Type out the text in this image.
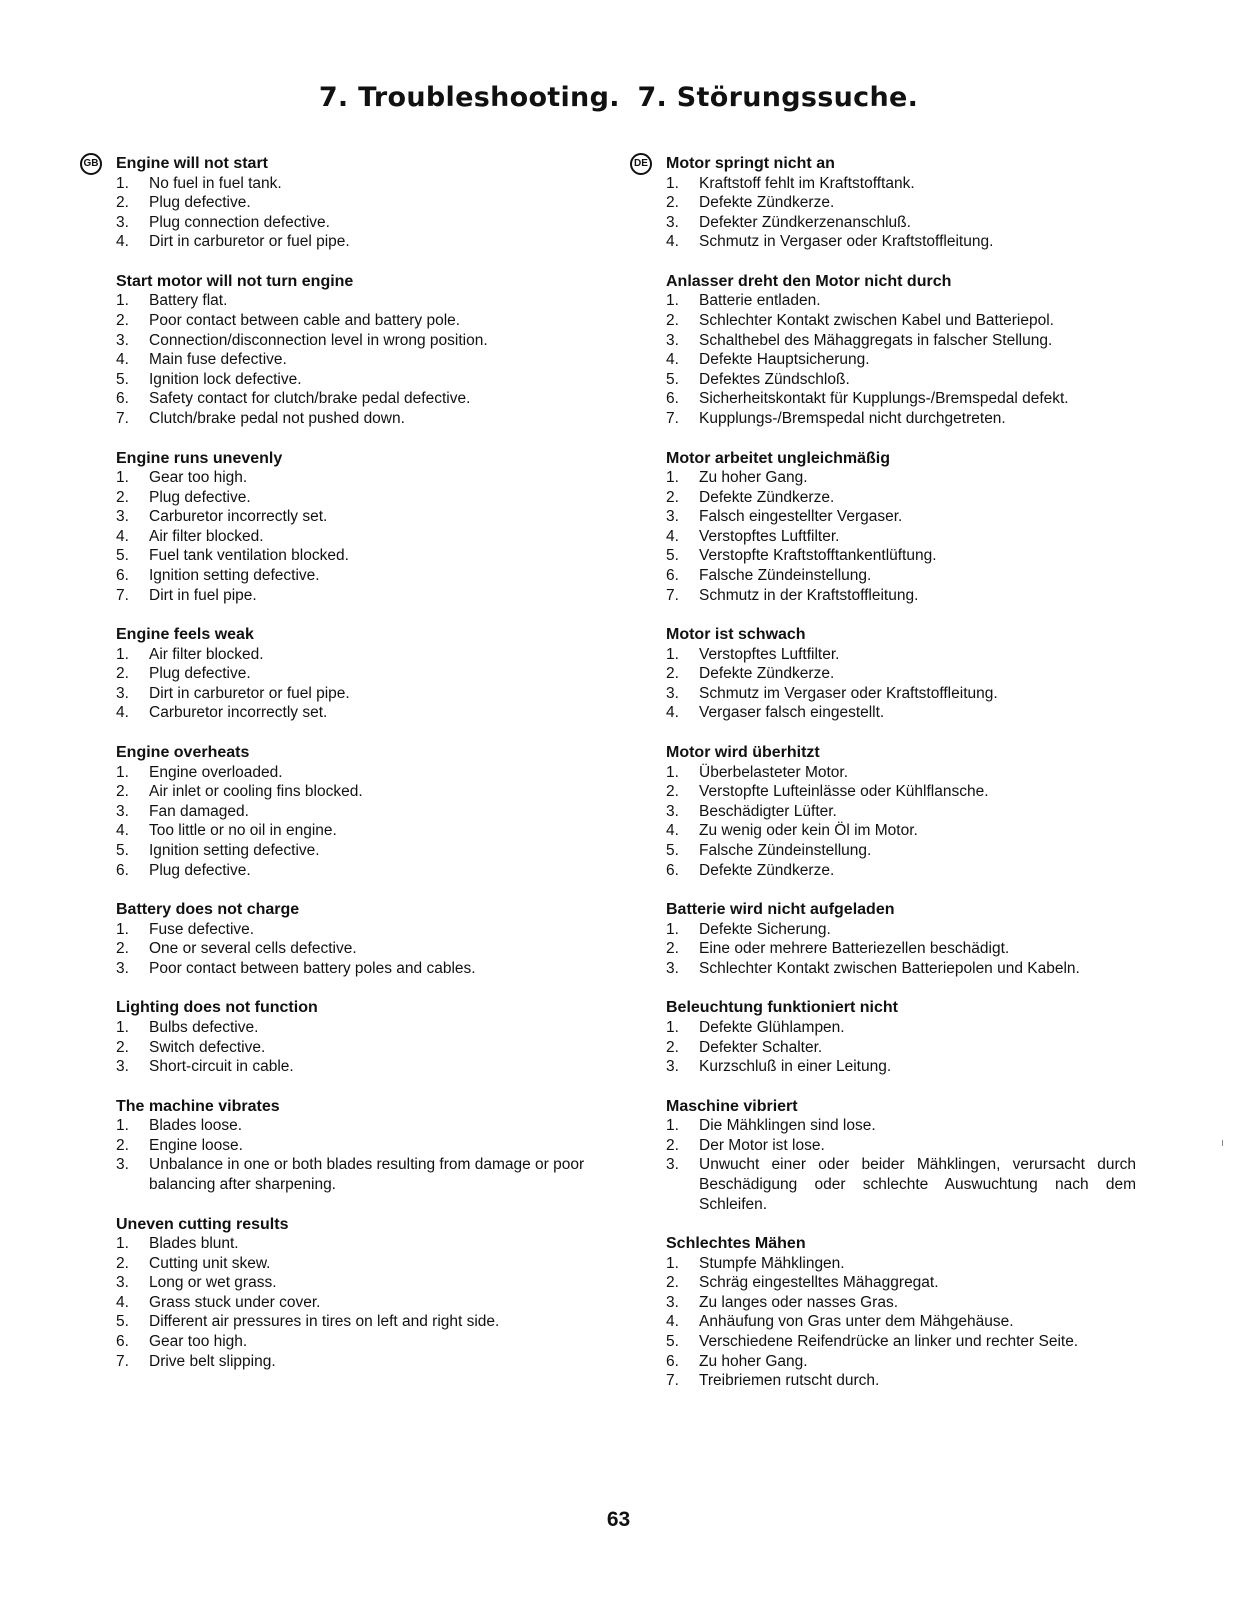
7. Troubleshooting. 7. Störungssuche.
GB Engine will not start
1. No fuel in fuel tank.
2. Plug defective.
3. Plug connection defective.
4. Dirt in carburetor or fuel pipe.
Start motor will not turn engine
1. Battery flat.
2. Poor contact between cable and battery pole.
3. Connection/disconnection level in wrong position.
4. Main fuse defective.
5. Ignition lock defective.
6. Safety contact for clutch/brake pedal defective.
7. Clutch/brake pedal not pushed down.
Engine runs unevenly
1. Gear too high.
2. Plug defective.
3. Carburetor incorrectly set.
4. Air filter blocked.
5. Fuel tank ventilation blocked.
6. Ignition setting defective.
7. Dirt in fuel pipe.
Engine feels weak
1. Air filter blocked.
2. Plug defective.
3. Dirt in carburetor or fuel pipe.
4. Carburetor incorrectly set.
Engine overheats
1. Engine overloaded.
2. Air inlet or cooling fins blocked.
3. Fan damaged.
4. Too little or no oil in engine.
5. Ignition setting defective.
6. Plug defective.
Battery does not charge
1. Fuse defective.
2. One or several cells defective.
3. Poor contact between battery poles and cables.
Lighting does not function
1. Bulbs defective.
2. Switch defective.
3. Short-circuit in cable.
The machine vibrates
1. Blades loose.
2. Engine loose.
3. Unbalance in one or both blades resulting from damage or poor balancing after sharpening.
Uneven cutting results
1. Blades blunt.
2. Cutting unit skew.
3. Long or wet grass.
4. Grass stuck under cover.
5. Different air pressures in tires on left and right side.
6. Gear too high.
7. Drive belt slipping.
DE Motor springt nicht an
1. Kraftstoff fehlt im Kraftstofftank.
2. Defekte Zündkerze.
3. Defekter Zündkerzenanschluß.
4. Schmutz in Vergaser oder Kraftstoffleitung.
Anlasser dreht den Motor nicht durch
1. Batterie entladen.
2. Schlechter Kontakt zwischen Kabel und Batteriepol.
3. Schalthebel des Mähaggregats in falscher Stellung.
4. Defekte Hauptsicherung.
5. Defektes Zündschloß.
6. Sicherheitskontakt für Kupplungs-/Bremspedal defekt.
7. Kupplungs-/Bremspedal nicht durchgetreten.
Motor arbeitet ungleichmäßig
1. Zu hoher Gang.
2. Defekte Zündkerze.
3. Falsch eingestellter Vergaser.
4. Verstopftes Luftfilter.
5. Verstopfte Kraftstofftankentlüftung.
6. Falsche Zündeinstellung.
7. Schmutz in der Kraftstoffleitung.
Motor ist schwach
1. Verstopftes Luftfilter.
2. Defekte Zündkerze.
3. Schmutz im Vergaser oder Kraftstoffleitung.
4. Vergaser falsch eingestellt.
Motor wird überhitzt
1. Überbelasteter Motor.
2. Verstopfte Lufteinlässe oder Kühlflansche.
3. Beschädigter Lüfter.
4. Zu wenig oder kein Öl im Motor.
5. Falsche Zündeinstellung.
6. Defekte Zündkerze.
Batterie wird nicht aufgeladen
1. Defekte Sicherung.
2. Eine oder mehrere Batteriezellen beschädigt.
3. Schlechter Kontakt zwischen Batteriepolen und Kabeln.
Beleuchtung funktioniert nicht
1. Defekte Glühlampen.
2. Defekter Schalter.
3. Kurzschluß in einer Leitung.
Maschine vibriert
1. Die Mähklingen sind lose.
2. Der Motor ist lose.
3. Unwucht einer oder beider Mähklingen, verursacht durch Beschädigung oder schlechte Auswuchtung nach dem Schleifen.
Schlechtes Mähen
1. Stumpfe Mähklingen.
2. Schräg eingestelltes Mähaggregat.
3. Zu langes oder nasses Gras.
4. Anhäufung von Gras unter dem Mähgehäuse.
5. Verschiedene Reifendrücke an linker und rechter Seite.
6. Zu hoher Gang.
7. Treibriemen rutscht durch.
63
